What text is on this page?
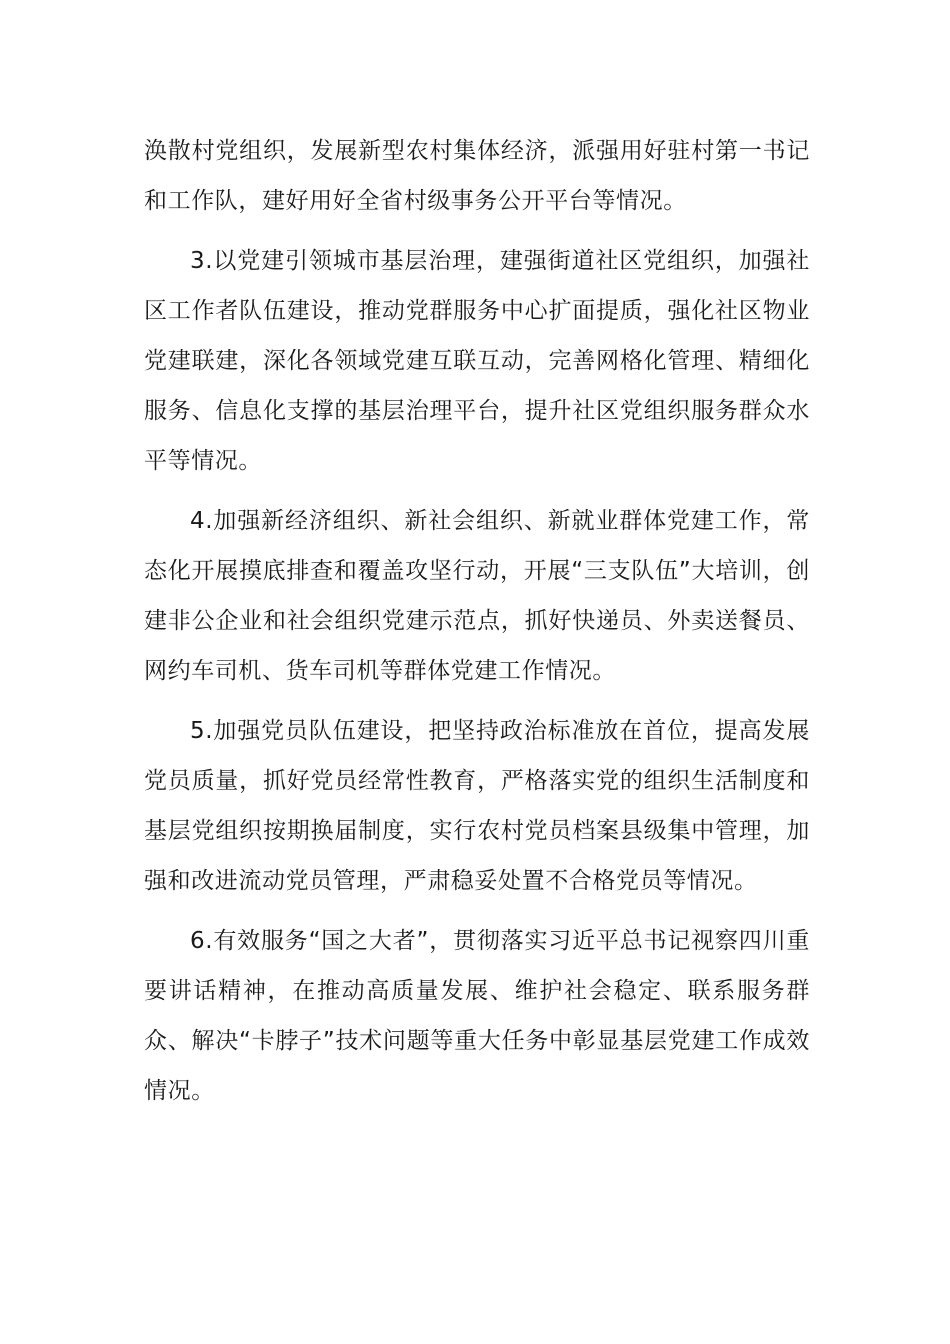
涣散村党组织，发展新型农村集体经济，派强用好驻村第一书记和工作队，建好用好全省村级事务公开平台等情况。

3.以党建引领城市基层治理，建强街道社区党组织，加强社区工作者队伍建设，推动党群服务中心扩面提质，强化社区物业党建联建，深化各领域党建互联互动，完善网格化管理、精细化服务、信息化支撑的基层治理平台，提升社区党组织服务群众水平等情况。

4.加强新经济组织、新社会组织、新就业群体党建工作，常态化开展摸底排查和覆盖攻坚行动，开展“三支队伍”大培训，创建非公企业和社会组织党建示范点，抓好快递员、外卖送餐员、网约车司机、货车司机等群体党建工作情况。

5.加强党员队伍建设，把坚持政治标准放在首位，提高发展党员质量，抓好党员经常性教育，严格落实党的组织生活制度和基层党组织按期换届制度，实行农村党员档案县级集中管理，加强和改进流动党员管理，严肃稳妥处置不合格党员等情况。

6.有效服务“国之大者”，贯彻落实习近平总书记视察四川重要讲话精神，在推动高质量发展、维护社会稳定、联系服务群众、解决“卡脖子”技术问题等重大任务中彰显基层党建工作成效情况。
